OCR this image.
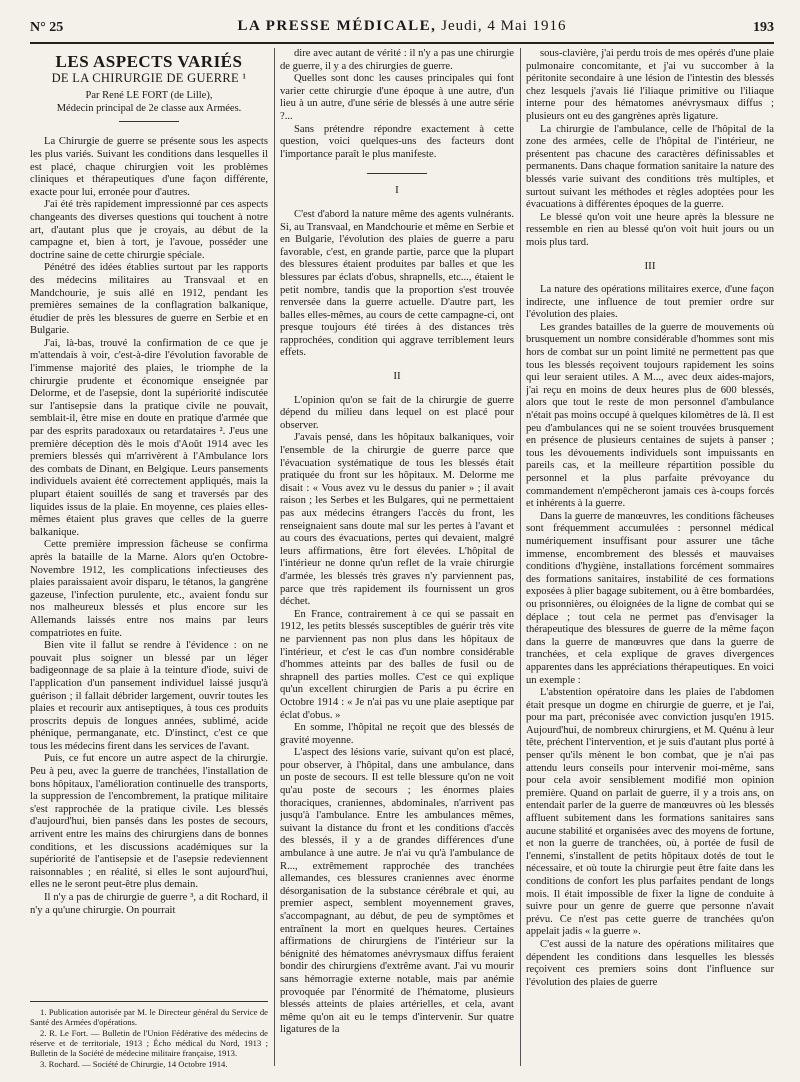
N° 25	LA PRESSE MÉDICALE, Jeudi, 4 Mai 1916	193

LES ASPECTS VARIÉS

DE LA CHIRURGIE DE GUERRE ¹

Par René LE FORT (de Lille),

Médecin principal de 2e classe aux Armées.

La Chirurgie de guerre se présente sous les aspects les plus variés. Suivant les conditions dans lesquelles il est placé, chaque chirurgien voit les problèmes cliniques et thérapeutiques d'une façon différente, exacte pour lui, erronée pour d'autres.

J'ai été très rapidement impressionné par ces aspects changeants des diverses questions qui touchent à notre art, d'autant plus que je croyais, au début de la campagne et, bien à tort, je l'avoue, posséder une doctrine saine de cette chirurgie spéciale.

Pénétré des idées établies surtout par les rapports des médecins militaires au Transvaal et en Mandchourie, je suis allé en 1912, pendant les premières semaines de la conflagration balkanique, étudier de près les blessures de guerre en Serbie et en Bulgarie.

J'ai, là-bas, trouvé la confirmation de ce que je m'attendais à voir, c'est-à-dire l'évolution favorable de l'immense majorité des plaies, le triomphe de la chirurgie prudente et économique enseignée par Delorme, et de l'asepsie, dont la supériorité indiscutée sur l'antisepsie dans la pratique civile ne pouvait, semblait-il, être mise en doute en pratique d'armée que par des esprits paradoxaux ou retardataires ². J'eus une première déception dès le mois d'Août 1914 avec les premiers blessés qui m'arrivèrent à l'Ambulance lors des combats de Dinant, en Belgique. Leurs pansements individuels avaient été correctement appliqués, mais la plupart étaient souillés de sang et traversés par des liquides issus de la plaie. En moyenne, ces plaies elles-mêmes étaient plus graves que celles de la guerre balkanique.

Cette première impression fâcheuse se confirma après la bataille de la Marne. Alors qu'en Octobre-Novembre 1912, les complications infectieuses des plaies paraissaient avoir disparu, le tétanos, la gangrène gazeuse, l'infection purulente, etc., avaient fondu sur nos malheureux blessés et plus encore sur les Allemands laissés entre nos mains par leurs compatriotes en fuite.

Bien vite il fallut se rendre à l'évidence : on ne pouvait plus soigner un blessé par un léger badigeonnage de sa plaie à la teinture d'iode, suivi de l'application d'un pansement individuel laissé jusqu'à guérison ; il fallait débrider largement, ouvrir toutes les plaies et recourir aux antiseptiques, à tous ces produits proscrits depuis de longues années, sublimé, acide phénique, permanganate, etc. D'instinct, c'est ce que tous les médecins firent dans les services de l'avant.

Puis, ce fut encore un autre aspect de la chirurgie. Peu à peu, avec la guerre de tranchées, l'installation de bons hôpitaux, l'amélioration continuelle des transports, la suppression de l'encombrement, la pratique militaire s'est rapprochée de la pratique civile. Les blessés d'aujourd'hui, bien pansés dans les postes de secours, arrivent entre les mains des chirurgiens dans de bonnes conditions, et les discussions académiques sur la supériorité de l'antisepsie et de l'asepsie redeviennent raisonnables ; en réalité, si elles le sont aujourd'hui, elles ne le seront peut-être plus demain.

Il n'y a pas de chirurgie de guerre ³, a dit Rochard, il n'y a qu'une chirurgie. On pourrait

1. Publication autorisée par M. le Directeur général du Service de Santé des Armées d'opérations.

2. R. Le Fort. — Bulletin de l'Union Fédérative des médecins de réserve et de territoriale, 1913 ; Écho médical du Nord, 1913 ; Bulletin de la Société de médecine militaire française, 1913.

3. Rochard. — Société de Chirurgie, 14 Octobre 1914.

dire avec autant de vérité : il n'y a pas une chirurgie de guerre, il y a des chirurgies de guerre.

Quelles sont donc les causes principales qui font varier cette chirurgie d'une époque à une autre, d'un lieu à un autre, d'une série de blessés à une autre série ?...

Sans prétendre répondre exactement à cette question, voici quelques-uns des facteurs dont l'importance paraît le plus manifeste.

I

C'est d'abord la nature même des agents vulnérants. Si, au Transvaal, en Mandchourie et même en Serbie et en Bulgarie, l'évolution des plaies de guerre a paru favorable, c'est, en grande partie, parce que la plupart des blessures étaient produites par balles et que les blessures par éclats d'obus, shrapnells, etc..., étaient le petit nombre, tandis que la proportion s'est trouvée renversée dans la guerre actuelle. D'autre part, les balles elles-mêmes, au cours de cette campagne-ci, ont presque toujours été tirées à des distances très rapprochées, condition qui aggrave terriblement leurs effets.

II

L'opinion qu'on se fait de la chirurgie de guerre dépend du milieu dans lequel on est placé pour observer.

J'avais pensé, dans les hôpitaux balkaniques, voir l'ensemble de la chirurgie de guerre parce que l'évacuation systématique de tous les blessés était pratiquée du front sur les hôpitaux. M. Delorme me disait : « Vous avez vu le dessus du panier » ; il avait raison ; les Serbes et les Bulgares, qui ne permettaient pas aux médecins étrangers l'accès du front, les renseignaient sans doute mal sur les pertes à l'avant et au cours des évacuations, pertes qui devaient, malgré leurs affirmations, être fort élevées. L'hôpital de l'intérieur ne donne qu'un reflet de la vraie chirurgie d'armée, les blessés très graves n'y parviennent pas, parce que très rapidement ils fournissent un gros déchet.

En France, contrairement à ce qui se passait en 1912, les petits blessés susceptibles de guérir très vite ne parviennent pas non plus dans les hôpitaux de l'intérieur, et c'est le cas d'un nombre considérable d'hommes atteints par des balles de fusil ou de shrapnell des parties molles. C'est ce qui explique qu'un excellent chirurgien de Paris a pu écrire en Octobre 1914 : « Je n'ai pas vu une plaie aseptique par éclat d'obus. »

En somme, l'hôpital ne reçoit que des blessés de gravité moyenne.

L'aspect des lésions varie, suivant qu'on est placé, pour observer, à l'hôpital, dans une ambulance, dans un poste de secours. Il est telle blessure qu'on ne voit qu'au poste de secours ; les énormes plaies thoraciques, craniennes, abdominales, n'arrivent pas jusqu'à l'ambulance. Entre les ambulances mêmes, suivant la distance du front et les conditions d'accès des blessés, il y a de grandes différences d'une ambulance à une autre. Je n'ai vu qu'à l'ambulance de R..., extrêmement rapprochée des tranchées allemandes, ces blessures craniennes avec énorme désorganisation de la substance cérébrale et qui, au premier aspect, semblent moyennement graves, s'accompagnant, au début, de peu de symptômes et entraînent la mort en quelques heures. Certaines affirmations de chirurgiens de l'intérieur sur la bénignité des hématomes anévrysmaux diffus feraient bondir des chirurgiens d'extrême avant. J'ai vu mourir sans hémorragie externe notable, mais par anémie provoquée par l'énormité de l'hématome, plusieurs blessés atteints de plaies artérielles, et cela, avant même qu'on ait eu le temps d'intervenir. Sur quatre ligatures de la

sous-clavière, j'ai perdu trois de mes opérés d'une plaie pulmonaire concomitante, et j'ai vu succomber à la péritonite secondaire à une lésion de l'intestin des blessés chez lesquels j'avais lié l'iliaque primitive ou l'iliaque interne pour des hématomes anévrysmaux diffus ; plusieurs ont eu des gangrènes après ligature.

La chirurgie de l'ambulance, celle de l'hôpital de la zone des armées, celle de l'hôpital de l'intérieur, ne présentent pas chacune des caractères définissables et permanents. Dans chaque formation sanitaire la nature des blessés varie suivant des conditions très multiples, et surtout suivant les méthodes et règles adoptées pour les évacuations à différentes époques de la guerre.

Le blessé qu'on voit une heure après la blessure ne ressemble en rien au blessé qu'on voit huit jours ou un mois plus tard.

III

La nature des opérations militaires exerce, d'une façon indirecte, une influence de tout premier ordre sur l'évolution des plaies.

Les grandes batailles de la guerre de mouvements où brusquement un nombre considérable d'hommes sont mis hors de combat sur un point limité ne permettent pas que tous les blessés reçoivent toujours rapidement les soins qui leur seraient utiles. A M..., avec deux aides-majors, j'ai reçu en moins de deux heures plus de 600 blessés, alors que tout le reste de mon personnel d'ambulance n'était pas moins occupé à quelques kilomètres de là. Il est peu d'ambulances qui ne se soient trouvées brusquement en présence de plusieurs centaines de sujets à panser ; tous les dévouements individuels sont impuissants en pareils cas, et la meilleure répartition possible du personnel et la plus parfaite prévoyance du commandement n'empêcheront jamais ces à-coups forcés et inhérents à la guerre.

Dans la guerre de manœuvres, les conditions fâcheuses sont fréquemment accumulées : personnel médical numériquement insuffisant pour assurer une tâche immense, encombrement des blessés et mauvaises conditions d'hygiène, installations forcément sommaires des formations sanitaires, instabilité de ces formations exposées à plier bagage subitement, ou à être bombardées, ou prisonnières, ou éloignées de la ligne de combat qui se déplace ; tout cela ne permet pas d'envisager la thérapeutique des blessures de guerre de la même façon dans la guerre de manœuvres que dans la guerre de tranchées, et cela explique de graves divergences apparentes dans les appréciations thérapeutiques. En voici un exemple :

L'abstention opératoire dans les plaies de l'abdomen était presque un dogme en chirurgie de guerre, et je l'ai, pour ma part, préconisée avec conviction jusqu'en 1915. Aujourd'hui, de nombreux chirurgiens, et M. Quénu à leur tête, préchent l'intervention, et je suis d'autant plus porté à penser qu'ils mènent le bon combat, que je n'ai pas attendu leurs conseils pour intervenir moi-même, sans pour cela avoir sensiblement modifié mon opinion première. Quand on parlait de guerre, il y a trois ans, on entendait parler de la guerre de manœuvres où les blessés affluent subitement dans les formations sanitaires sans aucune stabilité et organisées avec des moyens de fortune, et non la guerre de tranchées, où, à portée de fusil de l'ennemi, s'installent de petits hôpitaux dotés de tout le nécessaire, et où toute la chirurgie peut être faite dans les conditions de confort les plus parfaites pendant de longs mois. Il était impossible de fixer la ligne de conduite à suivre pour un genre de guerre que personne n'avait prévu. Ce n'est pas cette guerre de tranchées qu'on appelait jadis « la guerre ».

C'est aussi de la nature des opérations militaires que dépendent les conditions dans lesquelles les blessés reçoivent ces premiers soins dont l'influence sur l'évolution des plaies de guerre
